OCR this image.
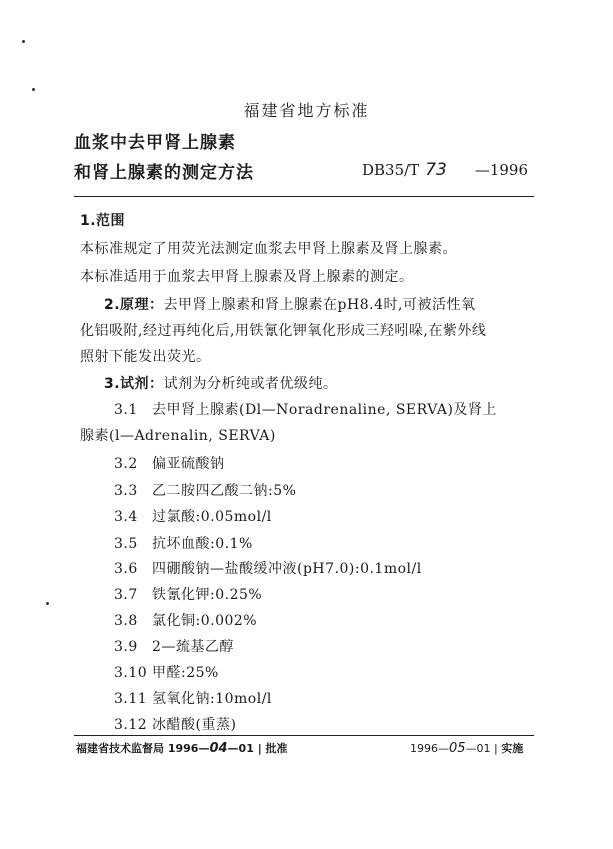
福建省地方标准
血浆中去甲肾上腺素
和肾上腺素的测定方法	DB35/T 73 —1996
1.范围
本标准规定了用荧光法测定血浆去甲肾上腺素及肾上腺素。
本标准适用于血浆去甲肾上腺素及肾上腺素的测定。
2.原理：去甲肾上腺素和肾上腺素在pH8.4时,可被活性氧
化铝吸附,经过再纯化后,用铁氰化钾氧化形成三羟吲哚,在紫外线
照射下能发出荧光。
3.试剂：试剂为分析纯或者优级纯。
3.1 去甲肾上腺素(Dl—Noradrenaline, SERVA)及肾上
腺素(l—Adrenalin, SERVA)
3.2 偏亚硫酸钠
3.3 乙二胺四乙酸二钠:5%
3.4 过氯酸:0.05mol/l
3.5 抗坏血酸:0.1%
3.6 四硼酸钠—盐酸缓冲液(pH7.0):0.1mol/l
3.7 铁氰化钾:0.25%
3.8 氯化铜:0.002%
3.9 2—巯基乙醇
3.10 甲醛:25%
3.11 氢氧化钠:10mol/l
3.12 冰醋酸(重蒸)
福建省技术监督局 1996—04—01 | 批准	1996—05—01 | 实施
